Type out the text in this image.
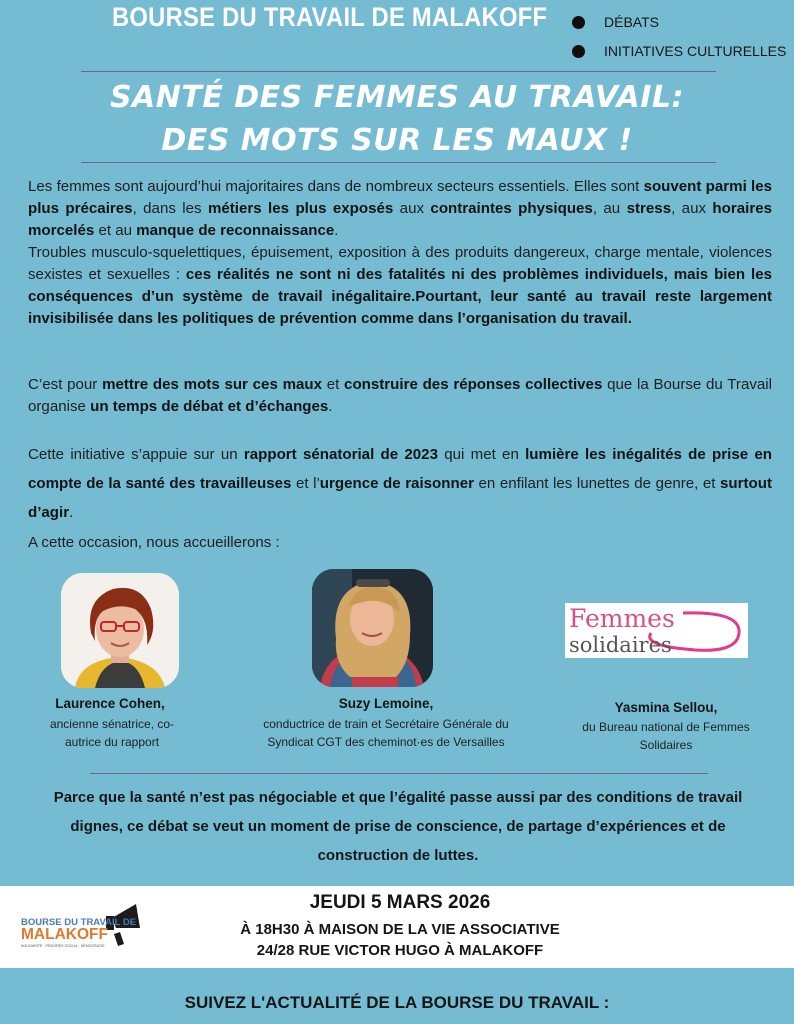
BOURSE DU TRAVAIL DE MALAKOFF	DÉBATS
INITIATIVES CULTURELLES
SANTÉ DES FEMMES AU TRAVAIL:
DES MOTS SUR LES MAUX !
Les femmes sont aujourd’hui majoritaires dans de nombreux secteurs essentiels. Elles sont souvent parmi les plus précaires, dans les métiers les plus exposés aux contraintes physiques, au stress, aux horaires morcelés et au manque de reconnaissance.
Troubles musculo-squelettiques, épuisement, exposition à des produits dangereux, charge mentale, violences sexistes et sexuelles : ces réalités ne sont ni des fatalités ni des problèmes individuels, mais bien les conséquences d’un système de travail inégalitaire.Pourtant, leur santé au travail reste largement invisibilisée dans les politiques de prévention comme dans l’organisation du travail.
C’est pour mettre des mots sur ces maux et construire des réponses collectives que la Bourse du Travail organise un temps de débat et d’échanges.
Cette initiative s’appuie sur un rapport sénatorial de 2023 qui met en lumière les inégalités de prise en compte de la santé des travailleuses et l’urgence de raisonner en enfilant les lunettes de genre, et surtout d’agir.
A cette occasion, nous accueillerons :
Femmes
solidaires
Laurence Cohen,
ancienne sénatrice, co-autrice du rapport
Suzy Lemoine,
conductrice de train et Secrétaire Générale du Syndicat CGT des cheminot·es de Versailles
Yasmina Sellou,
du Bureau national de Femmes Solidaires
Parce que la santé n’est pas négociable et que l’égalité passe aussi par des conditions de travail dignes, ce débat se veut un moment de prise de conscience, de partage d’expériences et de construction de luttes.
BOURSE DU TRAVAIL DE
MALAKOFF
SOLIDARITÉ · PROGRÈS SOCIAL · DÉMOCRATIE
JEUDI 5 MARS 2026
À 18H30 À MAISON DE LA VIE ASSOCIATIVE
24/28 RUE VICTOR HUGO À MALAKOFF
SUIVEZ L'ACTUALITÉ DE LA BOURSE DU TRAVAIL :
